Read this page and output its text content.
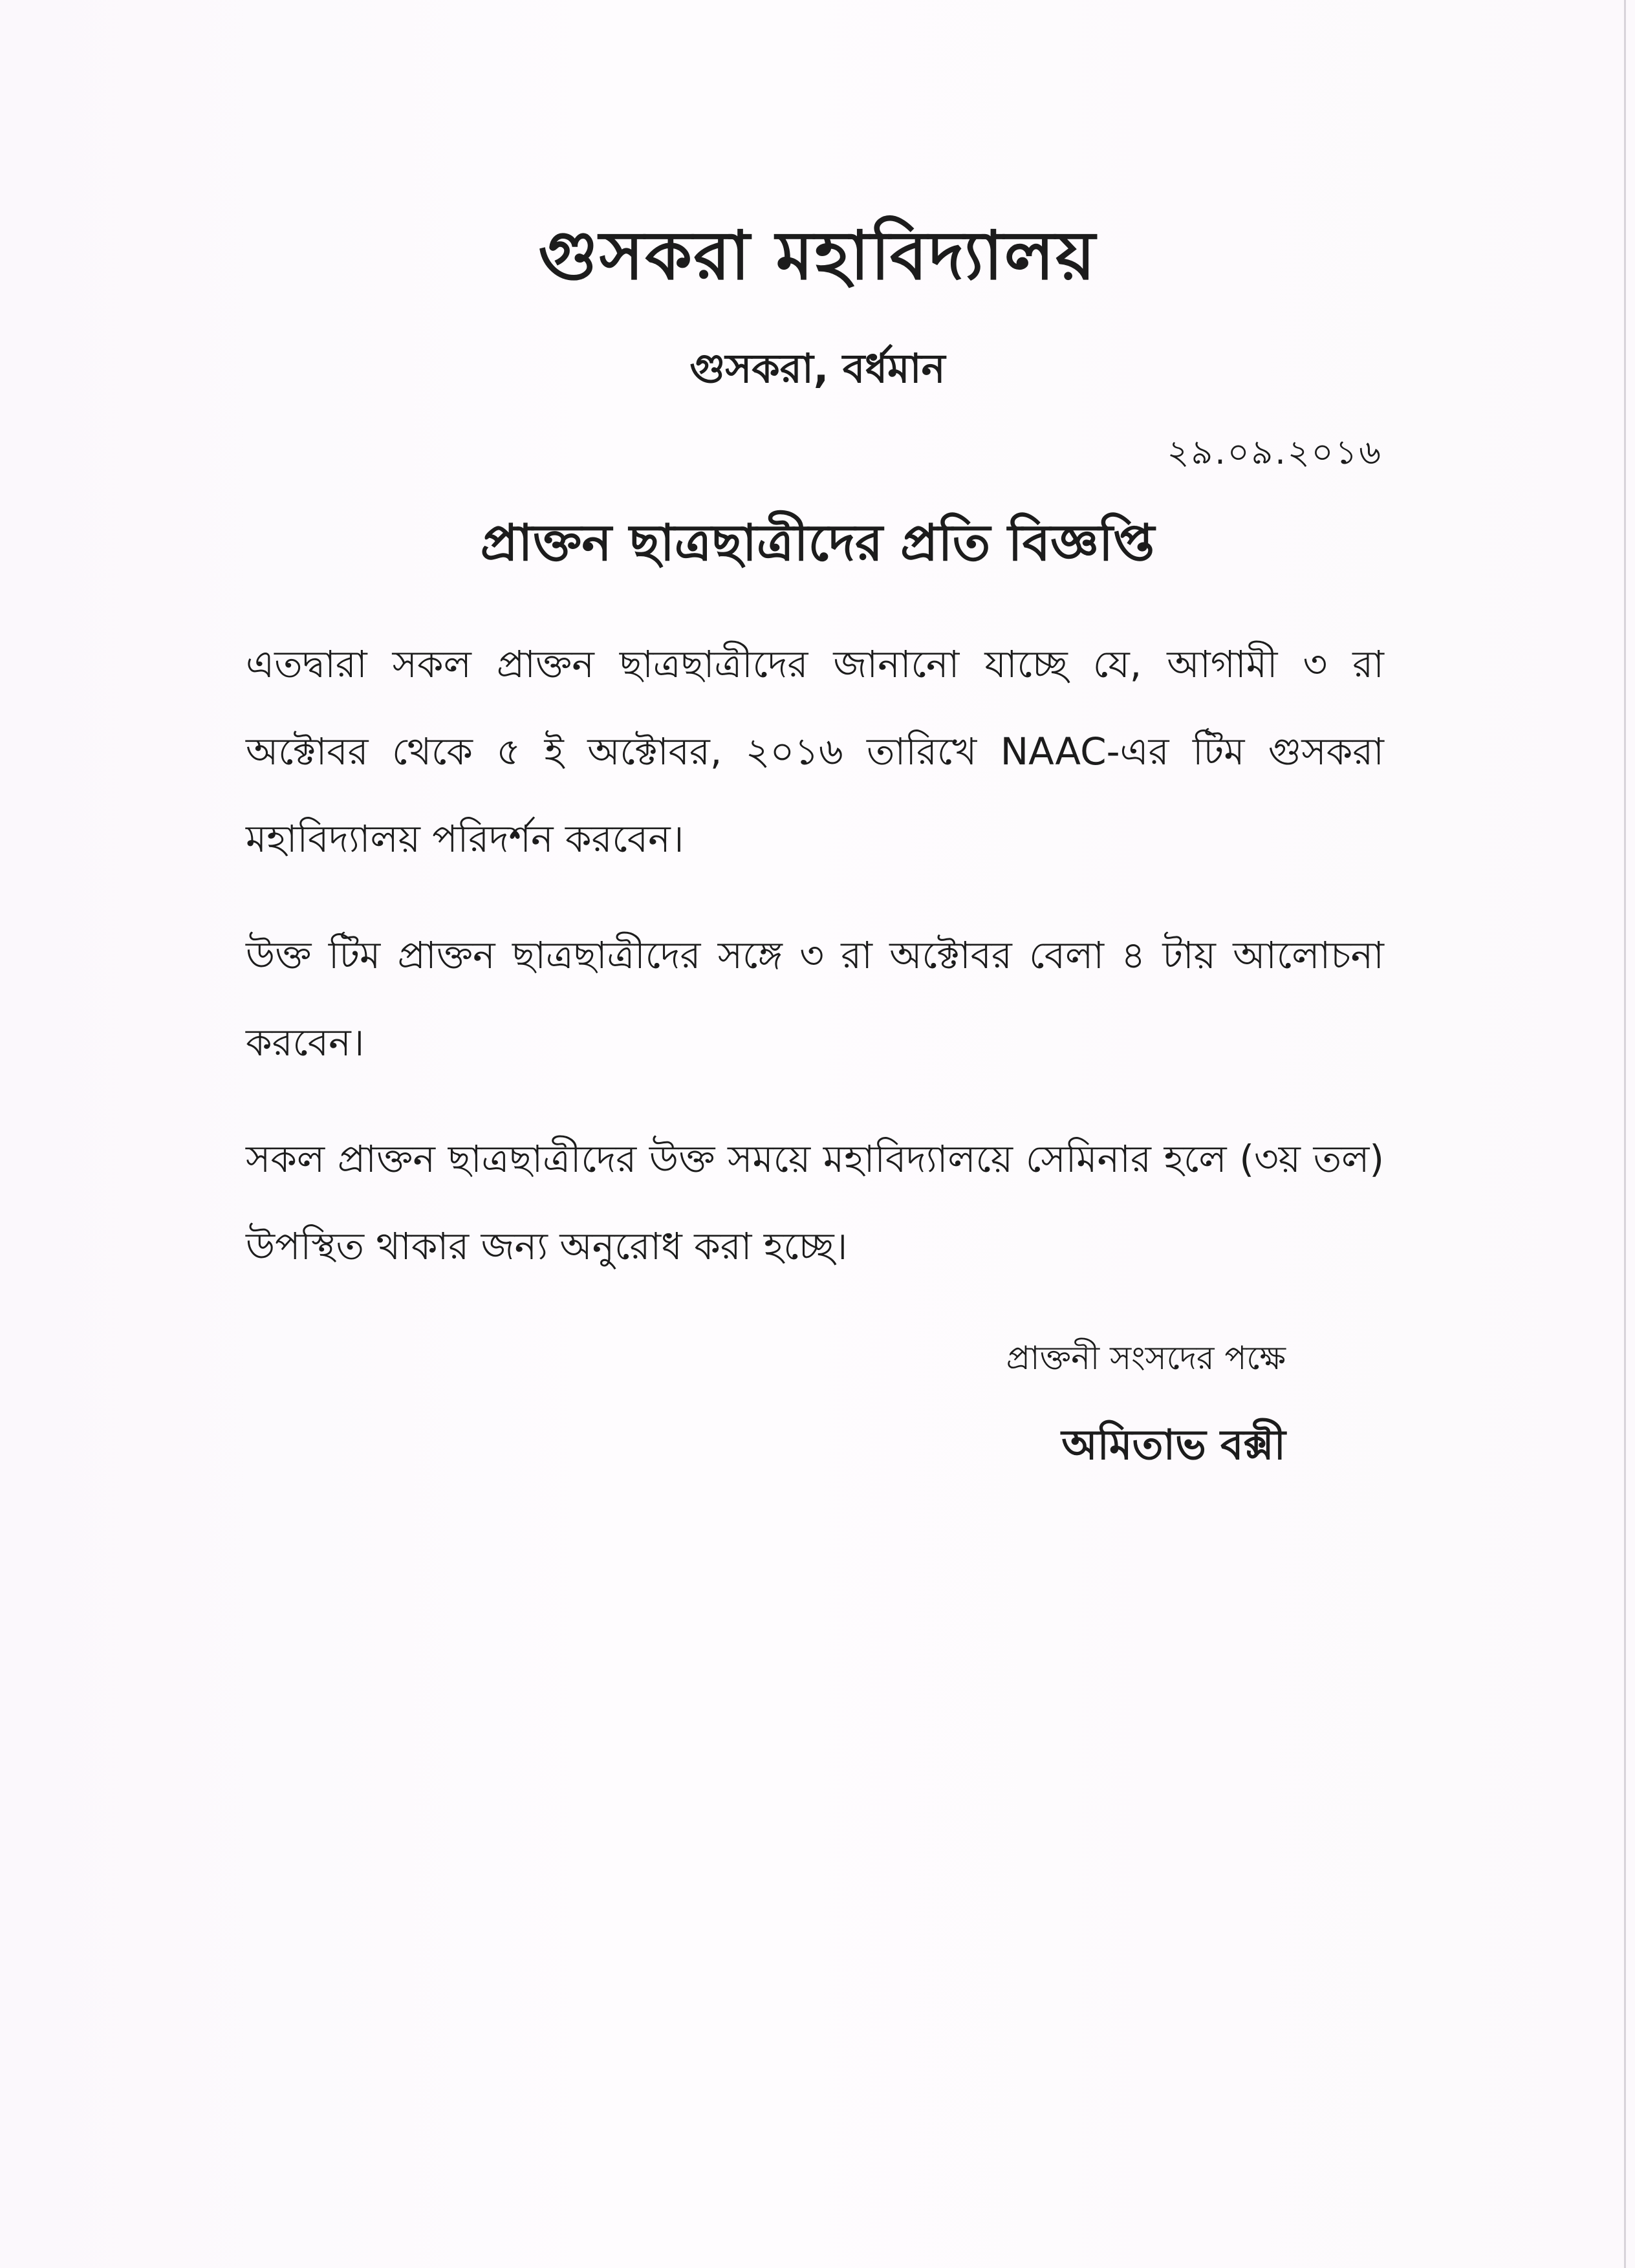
গুসকরা মহাবিদ্যালয়
গুসকরা, বর্ধমান
২৯.০৯.২০১৬
প্রাক্তন ছাত্রছাত্রীদের প্রতি বিজ্ঞপ্তি

এতদ্বারা সকল প্রাক্তন ছাত্রছাত্রীদের জানানো যাচ্ছে যে, আগামী ৩ রা অক্টোবর থেকে ৫ ই অক্টোবর, ২০১৬ তারিখে NAAC-এর টিম গুসকরা মহাবিদ্যালয় পরিদর্শন করবেন।

উক্ত টিম প্রাক্তন ছাত্রছাত্রীদের সঙ্গে ৩ রা অক্টোবর বেলা ৪ টায় আলোচনা করবেন।

সকল প্রাক্তন ছাত্রছাত্রীদের উক্ত সময়ে মহাবিদ্যালয়ে সেমিনার হলে (৩য় তল) উপস্থিত থাকার জন্য অনুরোধ করা হচ্ছে।

প্রাক্তনী সংসদের পক্ষে
অমিতাভ বক্সী
